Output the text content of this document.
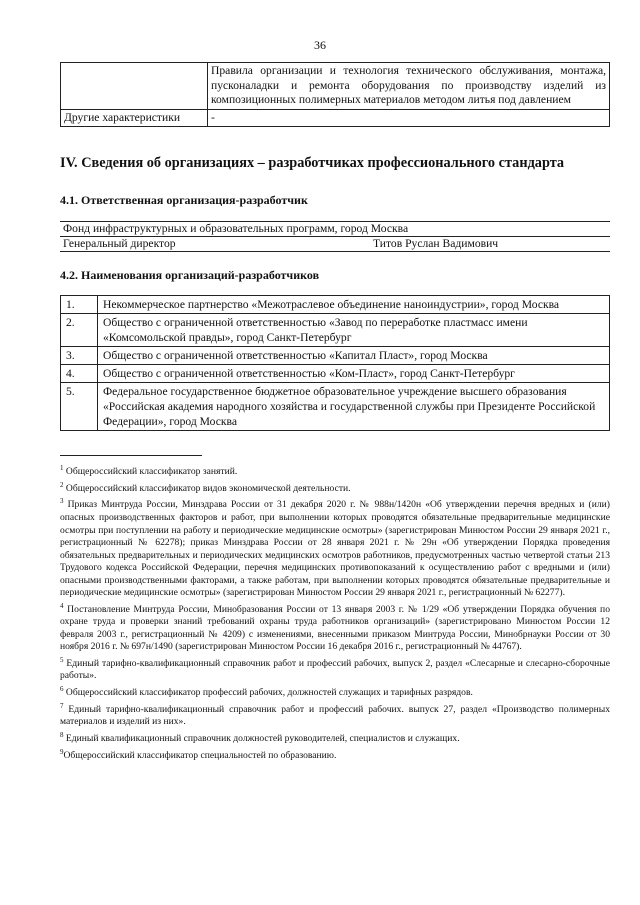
36
	Правила организации и технология технического обслуживания, монтажа, пусконаладки и ремонта оборудования по производству изделий из композиционных полимерных материалов методом литья под давлением
Другие характеристики	-
IV. Сведения об организациях – разработчиках профессионального стандарта
4.1. Ответственная организация-разработчик
Фонд инфраструктурных и образовательных программ, город Москва
Генеральный директор	Титов Руслан Вадимович
4.2. Наименования организаций-разработчиков
1.	Некоммерческое партнерство «Межотраслевое объединение наноиндустрии», город Москва
2.	Общество с ограниченной ответственностью «Завод по переработке пластмасс имени «Комсомольской правды», город Санкт-Петербург
3.	Общество с ограниченной ответственностью «Капитал Пласт», город Москва
4.	Общество с ограниченной ответственностью «Ком-Пласт», город Санкт-Петербург
5.	Федеральное государственное бюджетное образовательное учреждение высшего образования «Российская академия народного хозяйства и государственной службы при Президенте Российской Федерации», город Москва

$^1$ Общероссийский классификатор занятий.

$^2$ Общероссийский классификатор видов экономической деятельности.

$^3$ Приказ Минтруда России, Минздрава России от 31 декабря 2020 г. № 988н/1420н «Об утверждении перечня вредных и (или) опасных производственных факторов и работ, при выполнении которых проводятся обязательные предварительные медицинские осмотры при поступлении на работу и периодические медицинские осмотры» (зарегистрирован Минюстом России 29 января 2021 г., регистрационный № 62278); приказ Минздрава России от 28 января 2021 г. № 29н «Об утверждении Порядка проведения обязательных предварительных и периодических медицинских осмотров работников, предусмотренных частью четвертой статьи 213 Трудового кодекса Российской Федерации, перечня медицинских противопоказаний к осуществлению работ с вредными и (или) опасными производственными факторами, а также работам, при выполнении которых проводятся обязательные предварительные и периодические медицинские осмотры» (зарегистрирован Минюстом России 29 января 2021 г., регистрационный № 62277).

$^4$ Постановление Минтруда России, Минобразования России от 13 января 2003 г. № 1/29 «Об утверждении Порядка обучения по охране труда и проверки знаний требований охраны труда работников организаций» (зарегистрировано Минюстом России 12 февраля 2003 г., регистрационный № 4209) с изменениями, внесенными приказом Минтруда России, Минобрнауки России от 30 ноября 2016 г. № 697н/1490 (зарегистрирован Минюстом России 16 декабря 2016 г., регистрационный № 44767).

$^5$ Единый тарифно-квалификационный справочник работ и профессий рабочих, выпуск 2, раздел «Слесарные и слесарно-сборочные работы».

$^6$ Общероссийский классификатор профессий рабочих, должностей служащих и тарифных разрядов.

$^7$ Единый тарифно-квалификационный справочник работ и профессий рабочих. выпуск 27, раздел «Производство полимерных материалов и изделий из них».

$^8$ Единый квалификационный справочник должностей руководителей, специалистов и служащих.

$^9$Общероссийский классификатор специальностей по образованию.
